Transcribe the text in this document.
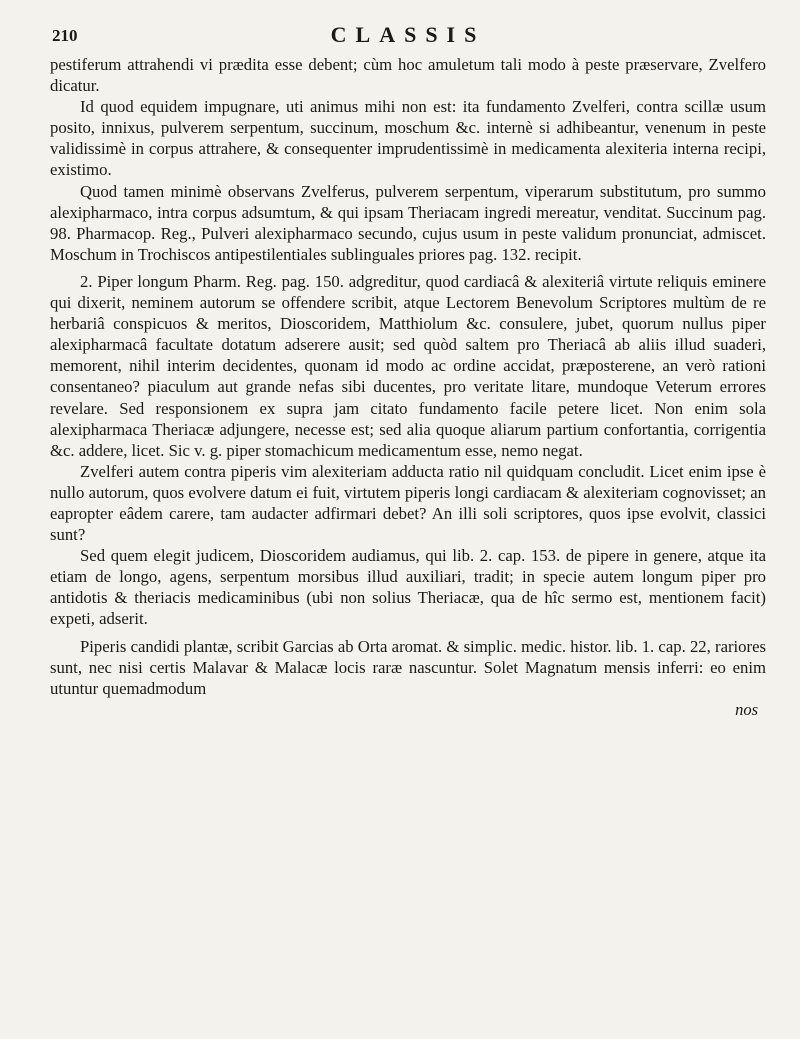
210	CLASSIS

pestiferum attrahendi vi prædita esse debent; cùm hoc amuletum tali modo à peste præservare, Zvelfero dicatur.

Id quod equidem impugnare, uti animus mihi non est: ita fundamento Zvelferi, contra scillæ usum posito, innixus, pulverem serpentum, succinum, moschum &c. internè si adhibeantur, venenum in peste validissimè in corpus attrahere, & consequenter imprudentissimè in medicamenta alexiteria interna recipi, existimo.

Quod tamen minimè observans Zvelferus, pulverem serpentum, viperarum substitutum, pro summo alexipharmaco, intra corpus adsumtum, & qui ipsam Theriacam ingredi mereatur, venditat. Succinum pag. 98. Pharmacop. Reg., Pulveri alexipharmaco secundo, cujus usum in peste validum pronunciat, admiscet. Moschum in Trochiscos antipestilentiales sublinguales priores pag. 132. recipit.

2. Piper longum Pharm. Reg. pag. 150. adgreditur, quod cardiacâ & alexiteriâ virtute reliquis eminere qui dixerit, neminem autorum se offendere scribit, atque Lectorem Benevolum Scriptores multùm de re herbariâ conspicuos & meritos, Dioscoridem, Matthiolum &c. consulere, jubet, quorum nullus piper alexipharmacâ facultate dotatum adserere ausit; sed quòd saltem pro Theriacâ ab aliis illud suaderi, memorent, nihil interim decidentes, quonam id modo ac ordine accidat, præposterene, an verò rationi consentaneo? piaculum aut grande nefas sibi ducentes, pro veritate litare, mundoque Veterum errores revelare. Sed responsionem ex supra jam citato fundamento facile petere licet. Non enim sola alexipharmaca Theriacæ adjungere, necesse est; sed alia quoque aliarum partium confortantia, corrigentia &c. addere, licet. Sic v. g. piper stomachicum medicamentum esse, nemo negat.

Zvelferi autem contra piperis vim alexiteriam adducta ratio nil quidquam concludit. Licet enim ipse è nullo autorum, quos evolvere datum ei fuit, virtutem piperis longi cardiacam & alexiteriam cognovisset; an eapropter eâdem carere, tam audacter adfirmari debet? An illi soli scriptores, quos ipse evolvit, classici sunt?

Sed quem elegit judicem, Dioscoridem audiamus, qui lib. 2. cap. 153. de pipere in genere, atque ita etiam de longo, agens, serpentum morsibus illud auxiliari, tradit; in specie autem longum piper pro antidotis & theriacis medicaminibus (ubi non solius Theriacæ, qua de hîc sermo est, mentionem facit) expeti, adserit.

Piperis candidi plantæ, scribit Garcias ab Orta aromat. & simplic. medic. histor. lib. 1. cap. 22, rariores sunt, nec nisi certis Malavar & Malacæ locis raræ nascuntur. Solet Magnatum mensis inferri: eo enim utuntur quemadmodum

nos
